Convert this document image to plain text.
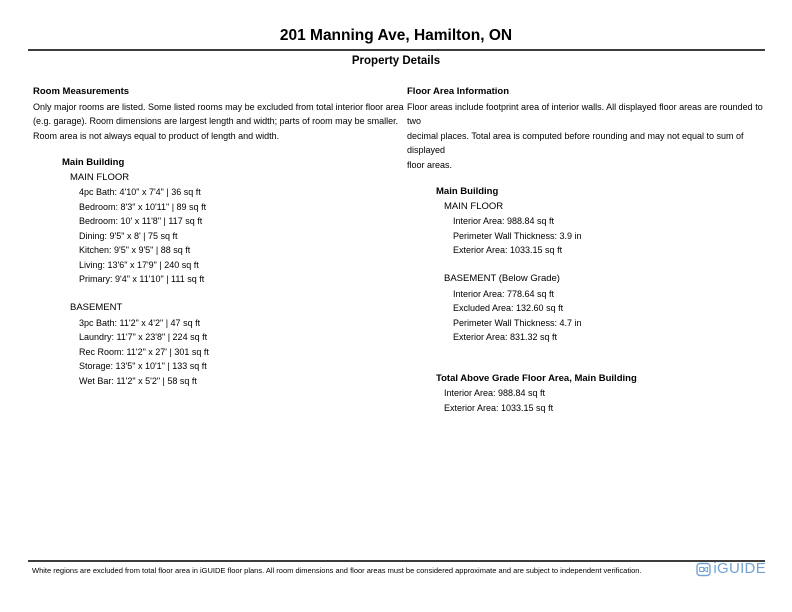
201 Manning Ave, Hamilton, ON
Property Details
Room Measurements
Only major rooms are listed. Some listed rooms may be excluded from total interior floor area
(e.g. garage). Room dimensions are largest length and width; parts of room may be smaller.
Room area is not always equal to product of length and width.
Main Building
MAIN FLOOR
4pc Bath: 4'10" x 7'4" | 36 sq ft
Bedroom: 8'3" x 10'11" | 89 sq ft
Bedroom: 10' x 11'8" | 117 sq ft
Dining: 9'5" x 8' | 75 sq ft
Kitchen: 9'5" x 9'5" | 88 sq ft
Living: 13'6" x 17'9" | 240 sq ft
Primary: 9'4" x 11'10" | 111 sq ft
BASEMENT
3pc Bath: 11'2" x 4'2" | 47 sq ft
Laundry: 11'7" x 23'8" | 224 sq ft
Rec Room: 11'2" x 27' | 301 sq ft
Storage: 13'5" x 10'1" | 133 sq ft
Wet Bar: 11'2" x 5'2" | 58 sq ft
Floor Area Information
Floor areas include footprint area of interior walls. All displayed floor areas are rounded to two
decimal places. Total area is computed before rounding and may not equal to sum of displayed
floor areas.
Main Building
MAIN FLOOR
Interior Area: 988.84 sq ft
Perimeter Wall Thickness: 3.9 in
Exterior Area: 1033.15 sq ft
BASEMENT (Below Grade)
Interior Area: 778.64 sq ft
Excluded Area: 132.60 sq ft
Perimeter Wall Thickness: 4.7 in
Exterior Area: 831.32 sq ft
Total Above Grade Floor Area, Main Building
Interior Area: 988.84 sq ft
Exterior Area: 1033.15 sq ft
White regions are excluded from total floor area in iGUIDE floor plans. All room dimensions and floor areas must be considered approximate and are subject to independent verification.	iGUIDE
